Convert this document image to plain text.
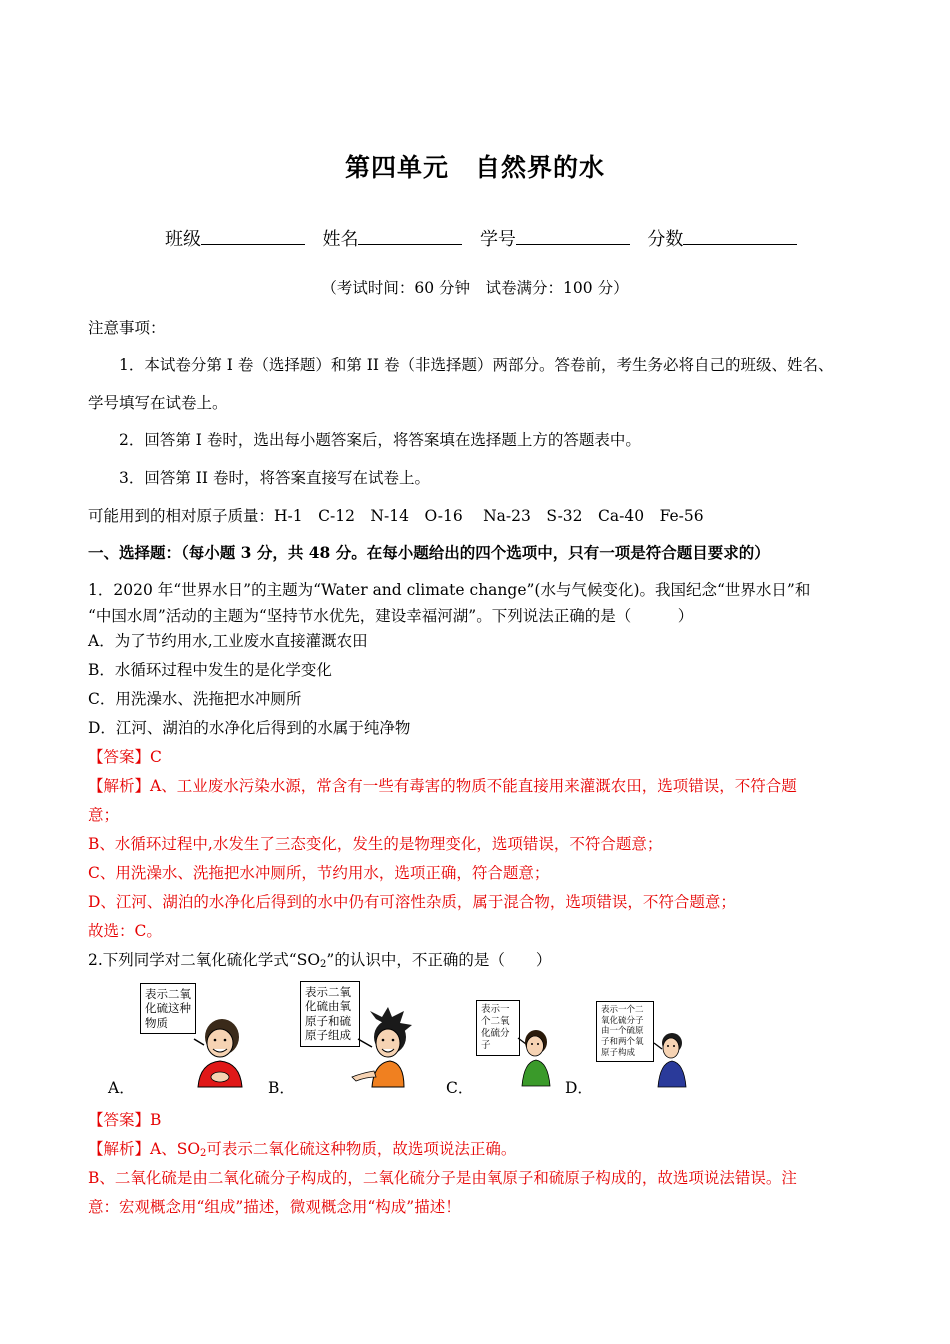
第四单元　自然界的水
班级	姓名	学号	分数
（考试时间：60 分钟　试卷满分：100 分）
注意事项：
1．本试卷分第 I 卷（选择题）和第 II 卷（非选择题）两部分。答卷前，考生务必将自己的班级、姓名、
学号填写在试卷上。
2．回答第 I 卷时，选出每小题答案后，将答案填在选择题上方的答题表中。
3．回答第 II 卷时，将答案直接写在试卷上。
可能用到的相对原子质量：H-1　C-12　N-14　O-16　 Na-23　S-32　Ca-40　Fe-56
一、选择题：（每小题 3 分，共 48 分。在每小题给出的四个选项中，只有一项是符合题目要求的）
1．2020 年“世界水日”的主题为“Water and climate change”(水与气候变化)。我国纪念“世界水日”和
“中国水周”活动的主题为“坚持节水优先，建设幸福河湖”。下列说法正确的是（　　　）
A．为了节约用水,工业废水直接灌溉农田
B．水循环过程中发生的是化学变化
C．用洗澡水、洗拖把水冲厕所
D．江河、湖泊的水净化后得到的水属于纯净物
【答案】C
【解析】A、工业废水污染水源，常含有一些有毒害的物质不能直接用来灌溉农田，选项错误，不符合题
意；
B、水循环过程中,水发生了三态变化，发生的是物理变化，选项错误，不符合题意；
C、用洗澡水、洗拖把水冲厕所，节约用水，选项正确，符合题意；
D、江河、湖泊的水净化后得到的水中仍有可溶性杂质，属于混合物，选项错误，不符合题意；
故选：C。
2.下列同学对二氧化硫化学式“$SO_2$”的认识中，不正确的是（　　）
表示二氧化硫这种物质
A．
表示二氧化硫由氧原子和硫原子组成
B．
表示一个二氧化硫分子
C．
表示一个二氧化硫分子由一个硫原子和两个氧原子构成
D．
【答案】B
【解析】A、$SO_2$可表示二氧化硫这种物质，故选项说法正确。
B、二氧化硫是由二氧化硫分子构成的，二氧化硫分子是由氧原子和硫原子构成的，故选项说法错误。注
意：宏观概念用“组成”描述，微观概念用“构成”描述！
